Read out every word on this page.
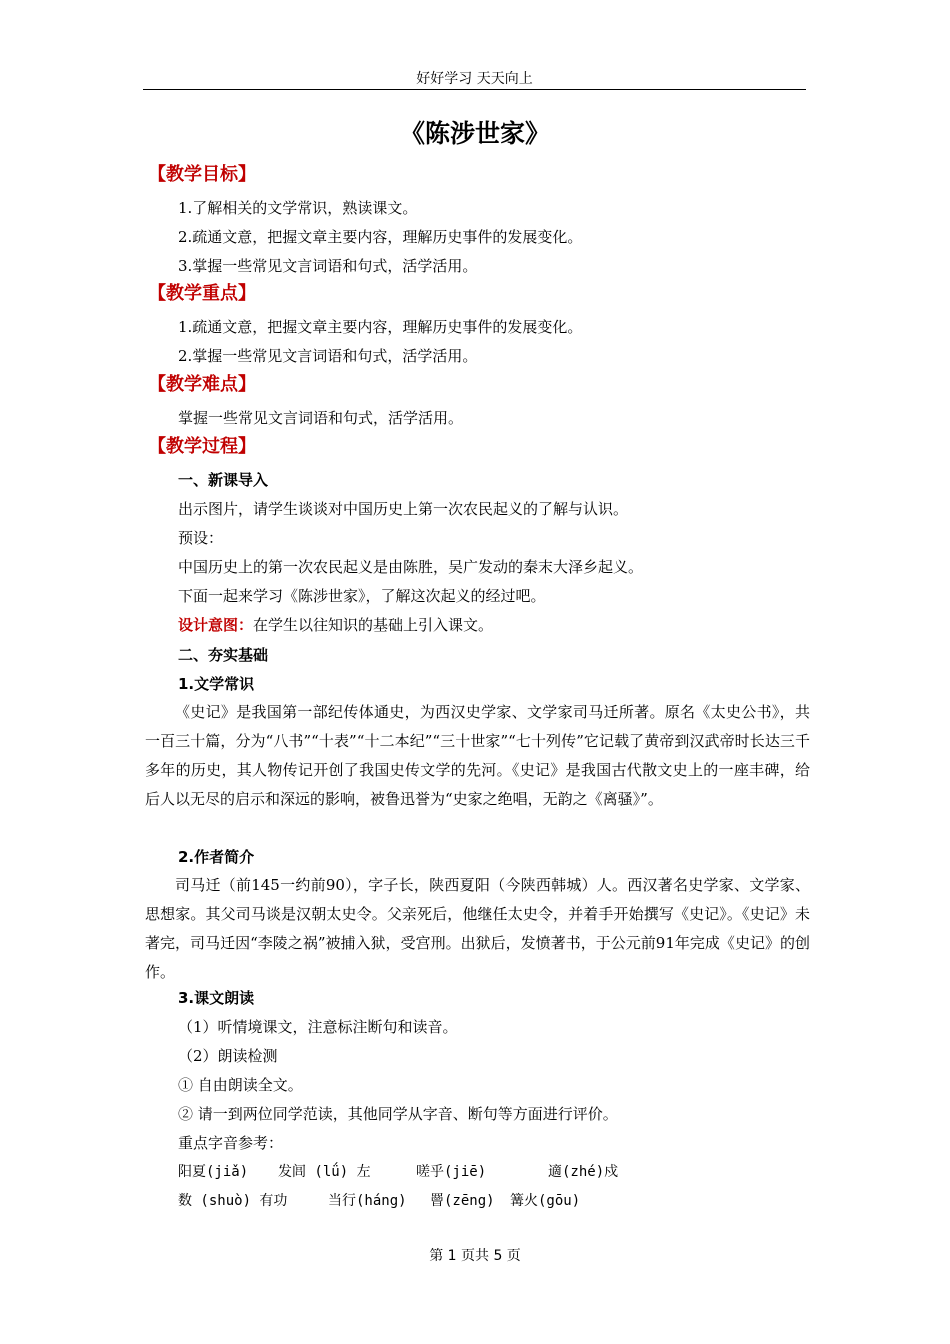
好好学习 天天向上
《陈涉世家》
【教学目标】
1.了解相关的文学常识，熟读课文。
2.疏通文意，把握文章主要内容，理解历史事件的发展变化。
3.掌握一些常见文言词语和句式，活学活用。
【教学重点】
1.疏通文意，把握文章主要内容，理解历史事件的发展变化。
2.掌握一些常见文言词语和句式，活学活用。
【教学难点】
掌握一些常见文言词语和句式，活学活用。
【教学过程】
一、新课导入
出示图片，请学生谈谈对中国历史上第一次农民起义的了解与认识。
预设：
中国历史上的第一次农民起义是由陈胜，吴广发动的秦末大泽乡起义。
下面一起来学习《陈涉世家》，了解这次起义的经过吧。
设计意图：在学生以往知识的基础上引入课文。
二、夯实基础
1.文学常识
《史记》是我国第一部纪传体通史，为西汉史学家、文学家司马迁所著。原名《太史公书》，共一百三十篇，分为“八书”“十表”“十二本纪”“三十世家”“七十列传”它记载了黄帝到汉武帝时长达三千多年的历史，其人物传记开创了我国史传文学的先河。《史记》是我国古代散文史上的一座丰碑，给后人以无尽的启示和深远的影响，被鲁迅誉为“史家之绝唱，无韵之《离骚》”。
2.作者简介
司马迁（前145一约前90），字子长，陕西夏阳（今陕西韩城）人。西汉著名史学家、文学家、思想家。其父司马谈是汉朝太史令。父亲死后，他继任太史令，并着手开始撰写《史记》。《史记》未著完，司马迁因“李陵之祸”被捕入狱，受宫刑。出狱后，发愤著书，于公元前91年完成《史记》的创作。
3.课文朗读
（1）听情境课文，注意标注断句和读音。
（2）朗读检测
① 自由朗读全文。
② 请一到两位同学范读，其他同学从字音、断句等方面进行评价。
重点字音参考：
阳夏(jiǎ) 发闾 (lǘ) 左	嗟乎(jiē)	適(zhé)戍
数 (shuò) 有功	当行(háng) 罾(zēng) 篝火(gōu)
第 1 页共 5 页
